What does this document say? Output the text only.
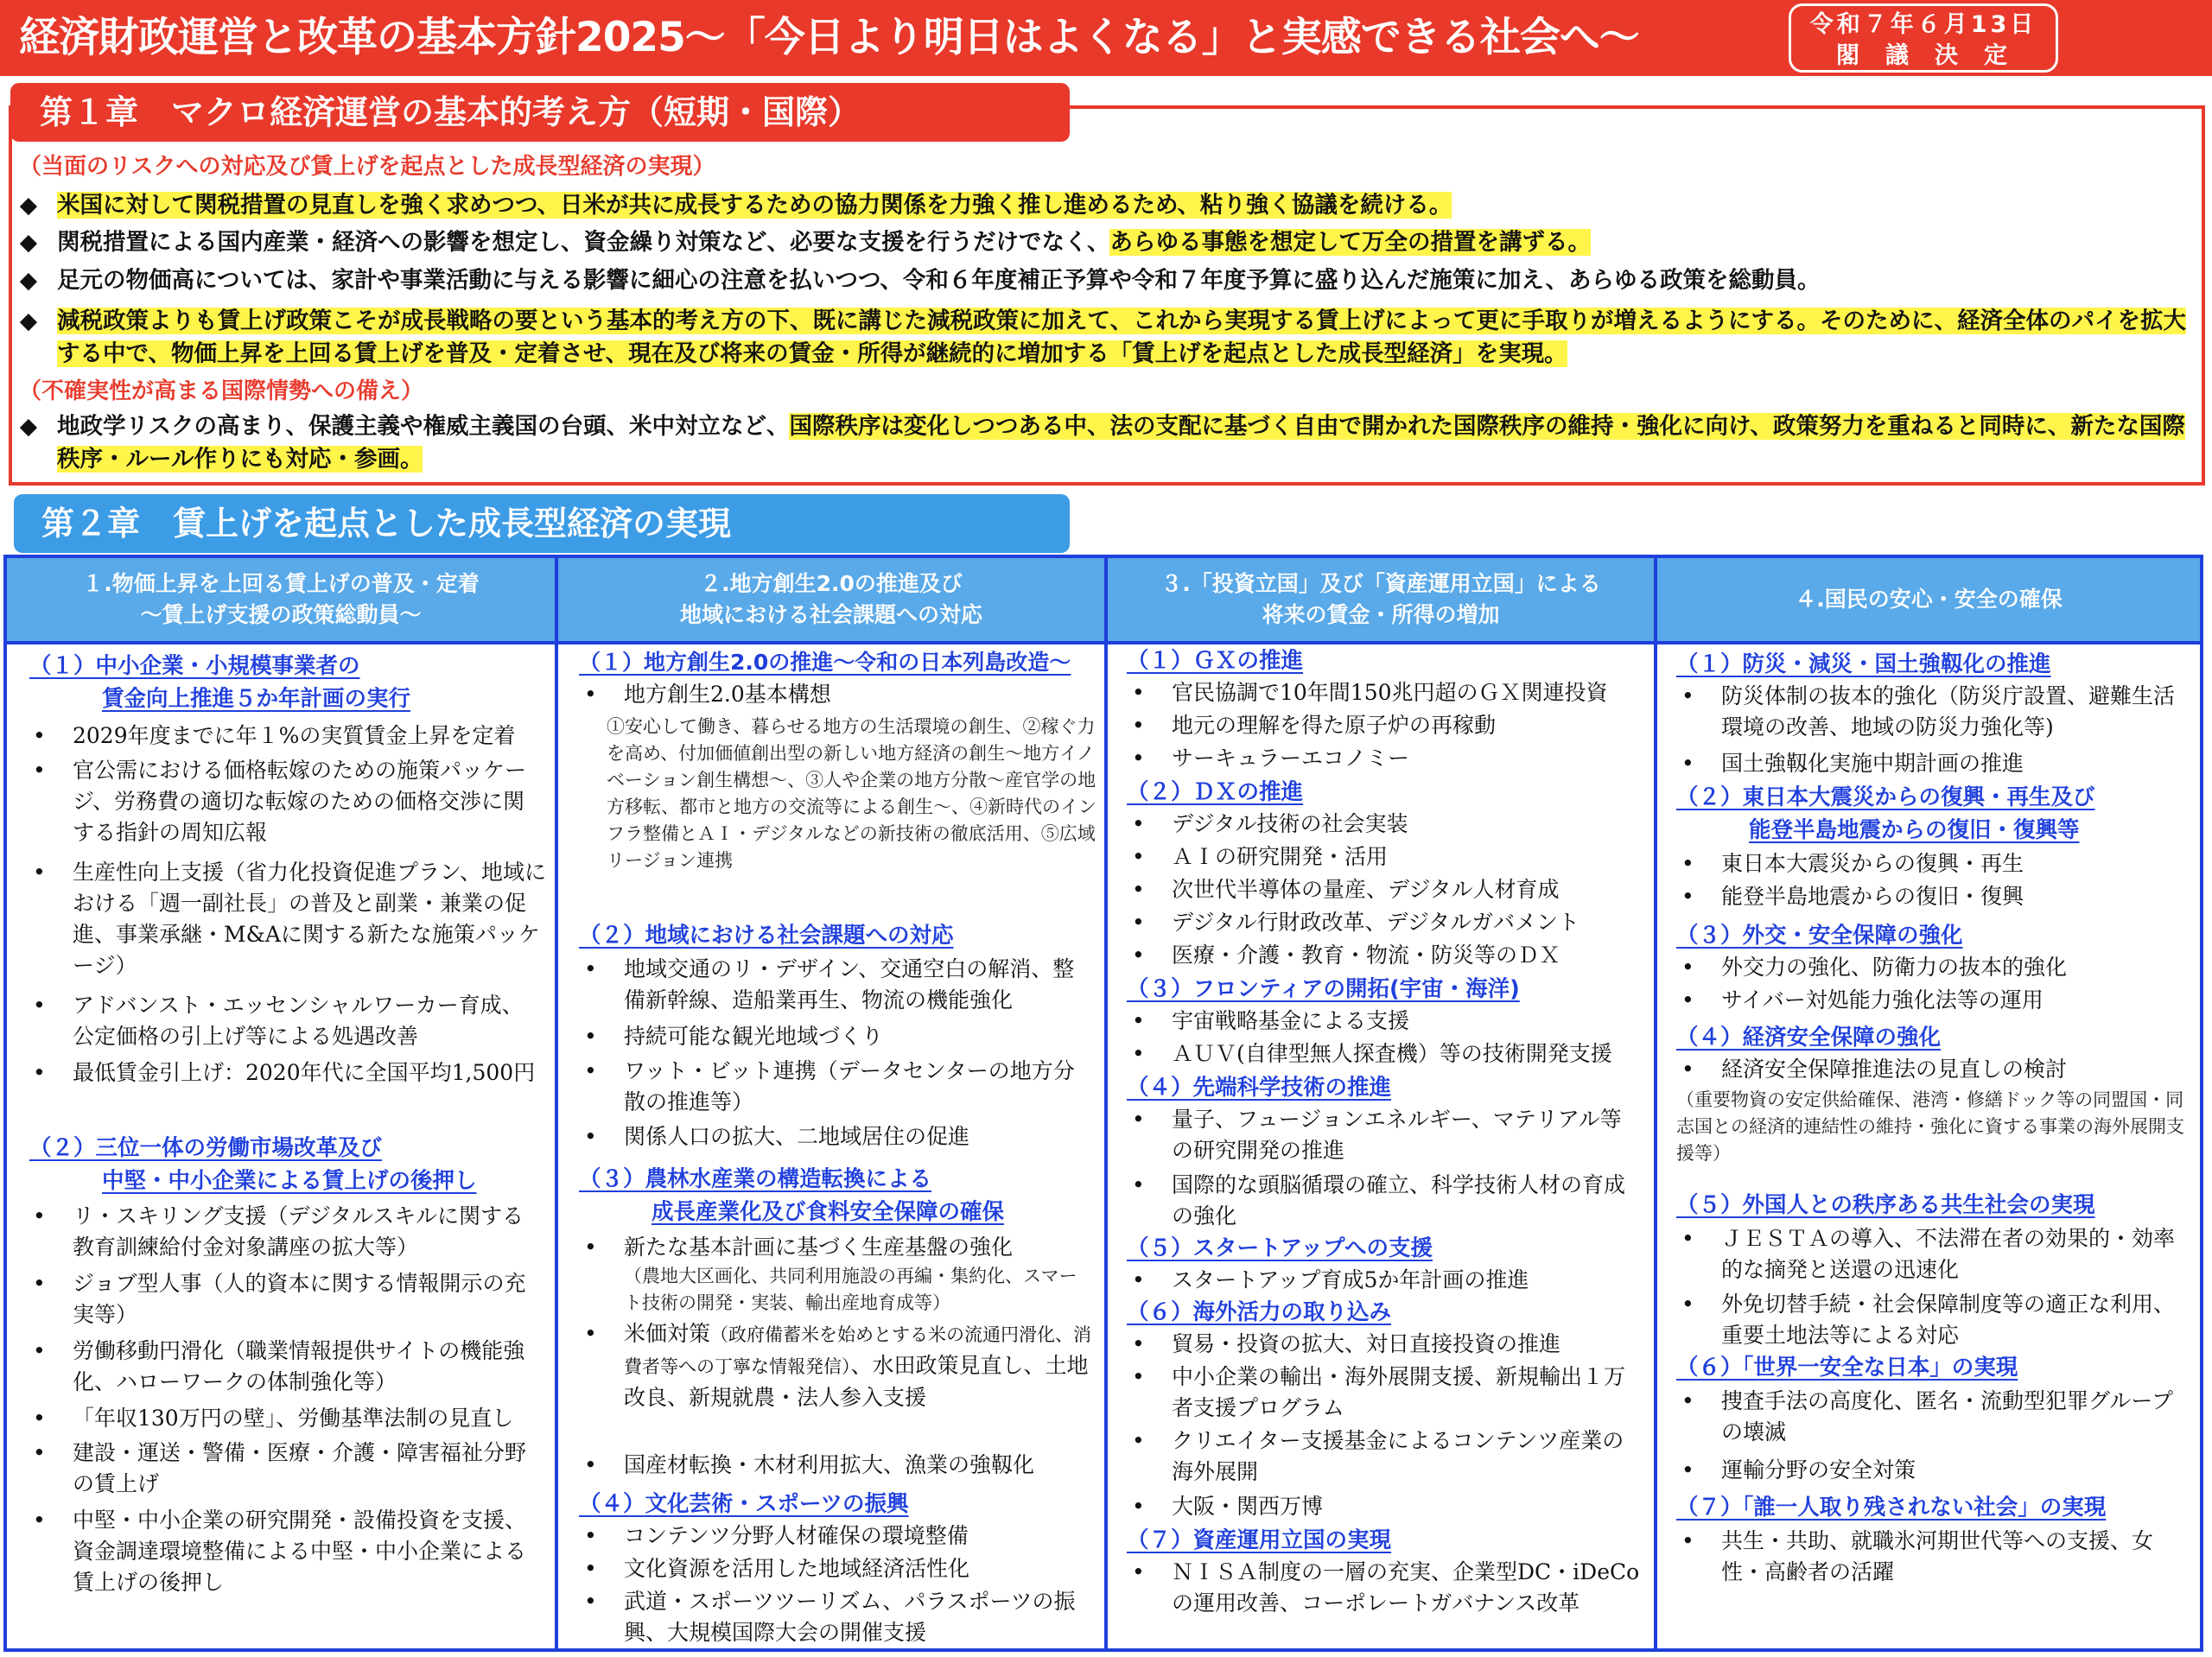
経済財政運営と改革の基本方針2025～「今日より明日はよくなる」と実感できる社会へ～	令和７年６月13日
閣議決定	※内閣府作成
第１章　マクロ経済運営の基本的考え方（短期・国際）
（当面のリスクへの対応及び賃上げを起点とした成長型経済の実現）
◆ 米国に対して関税措置の見直しを強く求めつつ、日米が共に成長するための協力関係を力強く推し進めるため、粘り強く協議を続ける。
◆ 関税措置による国内産業・経済への影響を想定し、資金繰り対策など、必要な支援を行うだけでなく、あらゆる事態を想定して万全の措置を講ずる。
◆ 足元の物価高については、家計や事業活動に与える影響に細心の注意を払いつつ、令和６年度補正予算や令和７年度予算に盛り込んだ施策に加え、あらゆる政策を総動員。
◆ 減税政策よりも賃上げ政策こそが成長戦略の要という基本的考え方の下、既に講じた減税政策に加えて、これから実現する賃上げによって更に手取りが増えるようにする。そのために、経済全体のパイを拡大する中で、物価上昇を上回る賃上げを普及・定着させ、現在及び将来の賃金・所得が継続的に増加する「賃上げを起点とした成長型経済」を実現。
（不確実性が高まる国際情勢への備え）
◆ 地政学リスクの高まり、保護主義や権威主義国の台頭、米中対立など、国際秩序は変化しつつある中、法の支配に基づく自由で開かれた国際秩序の維持・強化に向け、政策努力を重ねると同時に、新たな国際秩序・ルール作りにも対応・参画。
第２章　賃上げを起点とした成長型経済の実現
１.物価上昇を上回る賃上げの普及・定着
～賃上げ支援の政策総動員～
（１）中小企業・小規模事業者の
賃金向上推進５か年計画の実行
• 2029年度までに年１%の実質賃金上昇を定着
• 官公需における価格転嫁のための施策パッケージ、労務費の適切な転嫁のための価格交渉に関する指針の周知広報
• 生産性向上支援（省力化投資促進プラン、地域における「週一副社長」の普及と副業・兼業の促進、事業承継・M&Aに関する新たな施策パッケージ）
• アドバンスト・エッセンシャルワーカー育成、公定価格の引上げ等による処遇改善
• 最低賃金引上げ：2020年代に全国平均1,500円
（２）三位一体の労働市場改革及び
中堅・中小企業による賃上げの後押し
• リ・スキリング支援（デジタルスキルに関する教育訓練給付金対象講座の拡大等）
• ジョブ型人事（人的資本に関する情報開示の充実等）
• 労働移動円滑化（職業情報提供サイトの機能強化、ハローワークの体制強化等）
• 「年収130万円の壁」、労働基準法制の見直し
• 建設・運送・警備・医療・介護・障害福祉分野の賃上げ
• 中堅・中小企業の研究開発・設備投資を支援、資金調達環境整備による中堅・中小企業による賃上げの後押し
２.地方創生2.0の推進及び
地域における社会課題への対応
（１）地方創生2.0の推進～令和の日本列島改造～
• 地方創生2.0基本構想
①安心して働き、暮らせる地方の生活環境の創生、②稼ぐ力を高め、付加価値創出型の新しい地方経済の創生～地方イノベーション創生構想～、③人や企業の地方分散～産官学の地方移転、都市と地方の交流等による創生～、④新時代のインフラ整備とＡＩ・デジタルなどの新技術の徹底活用、⑤広域リージョン連携
（２）地域における社会課題への対応
• 地域交通のリ・デザイン、交通空白の解消、整備新幹線、造船業再生、物流の機能強化
• 持続可能な観光地域づくり
• ワット・ビット連携（データセンターの地方分散の推進等）
• 関係人口の拡大、二地域居住の促進
（３）農林水産業の構造転換による
成長産業化及び食料安全保障の確保
• 新たな基本計画に基づく生産基盤の強化
（農地大区画化、共同利用施設の再編・集約化、スマート技術の開発・実装、輸出産地育成等）
• 米価対策（政府備蓄米を始めとする米の流通円滑化、消費者等への丁寧な情報発信）、水田政策見直し、土地改良、新規就農・法人参入支援
• 国産材転換・木材利用拡大、漁業の強靱化
（４）文化芸術・スポーツの振興
• コンテンツ分野人材確保の環境整備
• 文化資源を活用した地域経済活性化
• 武道・スポーツツーリズム、パラスポーツの振興、大規模国際大会の開催支援
３.「投資立国」及び「資産運用立国」による
将来の賃金・所得の増加
（１）ＧＸの推進
• 官民協調で10年間150兆円超のＧＸ関連投資
• 地元の理解を得た原子炉の再稼動
• サーキュラーエコノミー
（２）ＤＸの推進
• デジタル技術の社会実装
• ＡＩの研究開発・活用
• 次世代半導体の量産、デジタル人材育成
• デジタル行財政改革、デジタルガバメント
• 医療・介護・教育・物流・防災等のＤＸ
（３）フロンティアの開拓(宇宙・海洋)
• 宇宙戦略基金による支援
• ＡＵＶ(自律型無人探査機）等の技術開発支援
（４）先端科学技術の推進
• 量子、フュージョンエネルギー、マテリアル等の研究開発の推進
• 国際的な頭脳循環の確立、科学技術人材の育成の強化
（５）スタートアップへの支援
• スタートアップ育成5か年計画の推進
（６）海外活力の取り込み
• 貿易・投資の拡大、対日直接投資の推進
• 中小企業の輸出・海外展開支援、新規輸出１万者支援プログラム
• クリエイター支援基金によるコンテンツ産業の海外展開
• 大阪・関西万博
（７）資産運用立国の実現
• ＮＩＳＡ制度の一層の充実、企業型DC・iDeCoの運用改善、コーポレートガバナンス改革
４.国民の安心・安全の確保
（１）防災・減災・国土強靱化の推進
• 防災体制の抜本的強化（防災庁設置、避難生活環境の改善、地域の防災力強化等)
• 国土強靱化実施中期計画の推進
（２）東日本大震災からの復興・再生及び
能登半島地震からの復旧・復興等
• 東日本大震災からの復興・再生
• 能登半島地震からの復旧・復興
（３）外交・安全保障の強化
• 外交力の強化、防衛力の抜本的強化
• サイバー対処能力強化法等の運用
（４）経済安全保障の強化
• 経済安全保障推進法の見直しの検討
（重要物資の安定供給確保、港湾・修繕ドック等の同盟国・同志国との経済的連結性の維持・強化に資する事業の海外展開支援等）
（５）外国人との秩序ある共生社会の実現
• ＪＥＳＴＡの導入、不法滞在者の効果的・効率的な摘発と送還の迅速化
• 外免切替手続・社会保障制度等の適正な利用、重要土地法等による対応
（６）「世界一安全な日本」の実現
• 捜査手法の高度化、匿名・流動型犯罪グループの壊滅
• 運輸分野の安全対策
（７）「誰一人取り残されない社会」の実現
• 共生・共助、就職氷河期世代等への支援、女性・高齢者の活躍
